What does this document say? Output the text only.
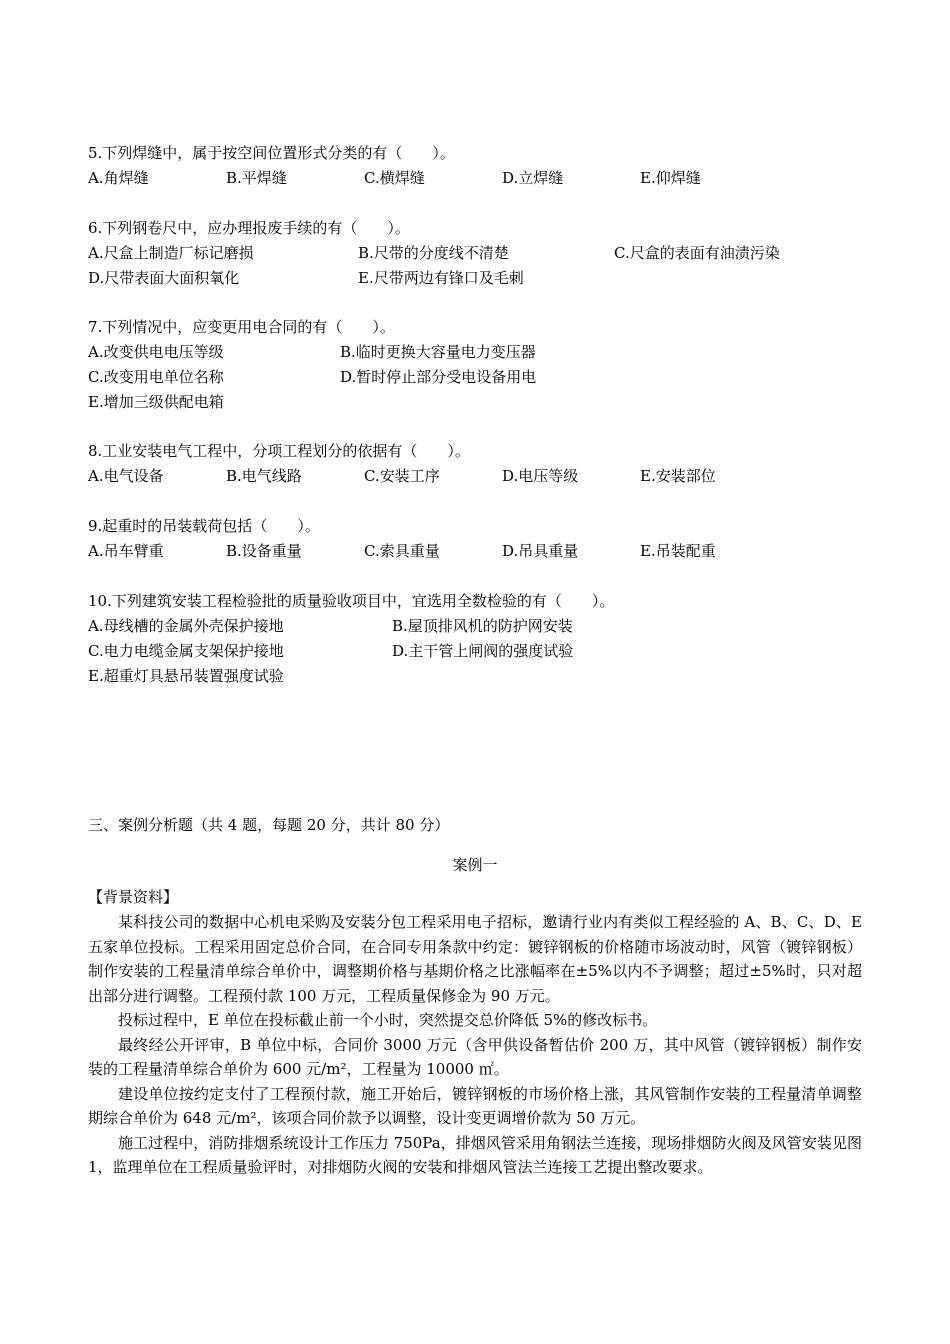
5.下列焊缝中，属于按空间位置形式分类的有（　　）。
A.角焊缝	B.平焊缝	C.横焊缝	D.立焊缝	E.仰焊缝
6.下列钢卷尺中，应办理报废手续的有（　　）。
A.尺盒上制造厂标记磨损	B.尺带的分度线不清楚	C.尺盒的表面有油渍污染
D.尺带表面大面积氧化	E.尺带两边有锋口及毛刺
7.下列情况中，应变更用电合同的有（　　）。
A.改变供电电压等级	B.临时更换大容量电力变压器
C.改变用电单位名称	D.暂时停止部分受电设备用电
E.增加三级供配电箱
8.工业安装电气工程中，分项工程划分的依据有（　　）。
A.电气设备	B.电气线路	C.安装工序	D.电压等级	E.安装部位
9.起重时的吊装载荷包括（　　）。
A.吊车臂重	B.设备重量	C.索具重量	D.吊具重量	E.吊装配重
10.下列建筑安装工程检验批的质量验收项目中，宜选用全数检验的有（　　）。
A.母线槽的金属外壳保护接地	B.屋顶排风机的防护网安装
C.电力电缆金属支架保护接地	D.主干管上闸阀的强度试验
E.超重灯具悬吊装置强度试验
三、案例分析题（共 4 题，每题 20 分，共计 80 分）
案例一
【背景资料】

某科技公司的数据中心机电采购及安装分包工程采用电子招标，邀请行业内有类似工程经验的 A、B、C、D、E 五家单位投标。工程采用固定总价合同，在合同专用条款中约定：镀锌钢板的价格随市场波动时，风管（镀锌钢板）制作安装的工程量清单综合单价中，调整期价格与基期价格之比涨幅率在±5%以内不予调整；超过±5%时，只对超出部分进行调整。工程预付款 100 万元，工程质量保修金为 90 万元。

投标过程中，E 单位在投标截止前一个小时，突然提交总价降低 5%的修改标书。

最终经公开评审，B 单位中标，合同价 3000 万元（含甲供设备暂估价 200 万，其中风管（镀锌钢板）制作安装的工程量清单综合单价为 600 元/m²，工程量为 10000 ㎡。

建设单位按约定支付了工程预付款，施工开始后，镀锌钢板的市场价格上涨，其风管制作安装的工程量清单调整期综合单价为 648 元/m²，该项合同价款予以调整，设计变更调增价款为 50 万元。

施工过程中，消防排烟系统设计工作压力 750Pa，排烟风管采用角钢法兰连接，现场排烟防火阀及风管安装见图 1，监理单位在工程质量验评时，对排烟防火阀的安装和排烟风管法兰连接工艺提出整改要求。
